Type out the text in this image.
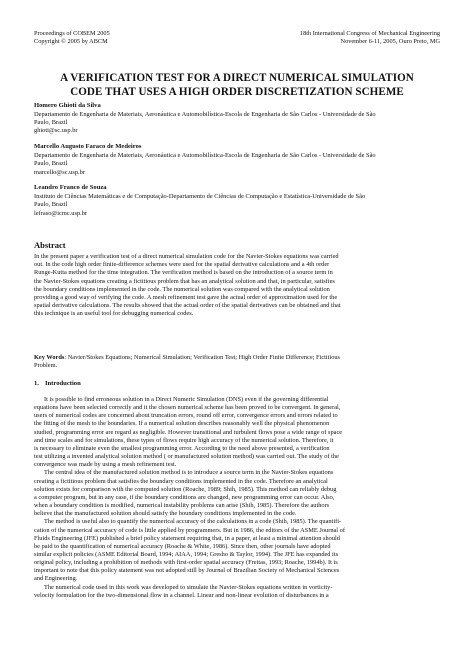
Proceedings of COBEM 2005
Copyright © 2005 by ABCM
18th International Congress of Mechanical Engineering
November 6-11, 2005, Ouro Preto, MG
A VERIFICATION TEST FOR A DIRECT NUMERICAL SIMULATION
CODE THAT USES A HIGH ORDER DISCRETIZATION SCHEME
Homero Ghioti da Silva
Departamento de Engenharia de Materiais, Aeronáutica e Automobilística-Escola de Engenharia de São Carlos - Universidade de São
Paulo, Brazil
ghioti@sc.usp.br
Marcello Augusto Faraco de Medeiros
Departamento de Engenharia de Materiais, Aeronáutica e Automobilística-Escola de Engenharia de São Carlos - Universidade de São
Paulo, Brazil
marcello@sc.usp.br
Leandro Franco de Souza
Instituto de Ciências Matemáticas e de Computação-Departamento de Ciências de Computação e Estatística-Universidade de São
Paulo, Brazil
lefraso@icmc.usp.br
Abstract
In the present paper a verification test of a direct numerical simulation code for the Navier-Stokes equations was carried
out. In the code high order finite-difference schemes were used for the spatial derivative calculations and a 4th order
Runge-Kutta method for the time integration. The verification method is based on the introduction of a source term in
the Navier-Stokes equations creating a fictitious problem that has an analytical solution and that, in particular, satisfies
the boundary conditions implemented in the code. The numerical solution was compared with the analytical solution
providing a good way of verifying the code. A mesh refinement test gave the actual order of approximation used for the
spatial derivative calculations. The results showed that the actual order of the spatial derivatives can be obtained and that
this technique is an useful tool for debugging numerical codes.
Key Words: Navier/Stokes Equations; Numerical Simulation; Verification Test; High Order Finite Difference; Fictitious
Problem.
1. Introduction
It is possible to find erroneous solution in a Direct Numeric Simulation (DNS) even if the governing differential
equations have been selected correctly and it the chosen numerical scheme has been proved to be convergent. In general,
users of numerical codes are concerned about truncation errors, round off error, convergence errors and errors related to
the fitting of the mesh to the boundaries. If a numerical solution describes reasonably well the physical phenomenon
studied, programming error are regard as negligible. However transitional and turbulent flows pose a wide range of space
and time scales and for simulations, these types of flows require high accuracy of the numerical solution. Therefore, it
is necessary to eliminate even the smallest programming error. According to the need above presented, a verification
test utilizing a invented analytical solution method ( or manufactured solution method) was carried out. The study of the
convergence was made by using a mesh refinement test.
The central idea of the manufactured solution method is to introduce a source term in the Navier-Stokes equations
creating a fictitious problem that satisfies the boundary conditions implemented in the code. Therefore an analytical
solution exists for comparison with the computed solution (Roache, 1989; Shih, 1985). This method can reliably debug
a computer program, but in any case, if the boundary conditions are changed, new programming error can occur. Also,
when a boundary condition is modified, numerical instability problems can arise (Shih, 1985). Therefore the authors
believe that the manufactured solution should satisfy the boundary conditions implemented in the code.
The method is useful also to quantify the numerical accuracy of the calculations in a code (Shih, 1985). The quantifi-
cation of the numerical accuracy of code is little applied by programmers. But in 1986, the editors of the ASME Journal of
Fluids Engineering (JFE) published a brief policy statement requiring that, in a paper, at least a minimal attention should
be paid to the quantification of numerical accuracy (Roache & White, 1986). Since then, other journals have adopted
similar explicit policies (ASME Editorial Board, 1994; AIAA, 1994; Gresho & Taylor, 1994). The JFE has expanded its
original policy, including a prohibition of methods with first-order spatial accuracy (Freitas, 1993; Roache, 1994b). It is
important to note that this policy statement was not adopted still by Journal of Brazilian Society of Mechanical Sciences
and Engineering.
The numerical code used in this work was developed to simulate the Navier-Stokes equations written in vorticity-
velocity formulation for the two-dimensional flow in a channel. Linear and non-linear evolution of disturbances in a
